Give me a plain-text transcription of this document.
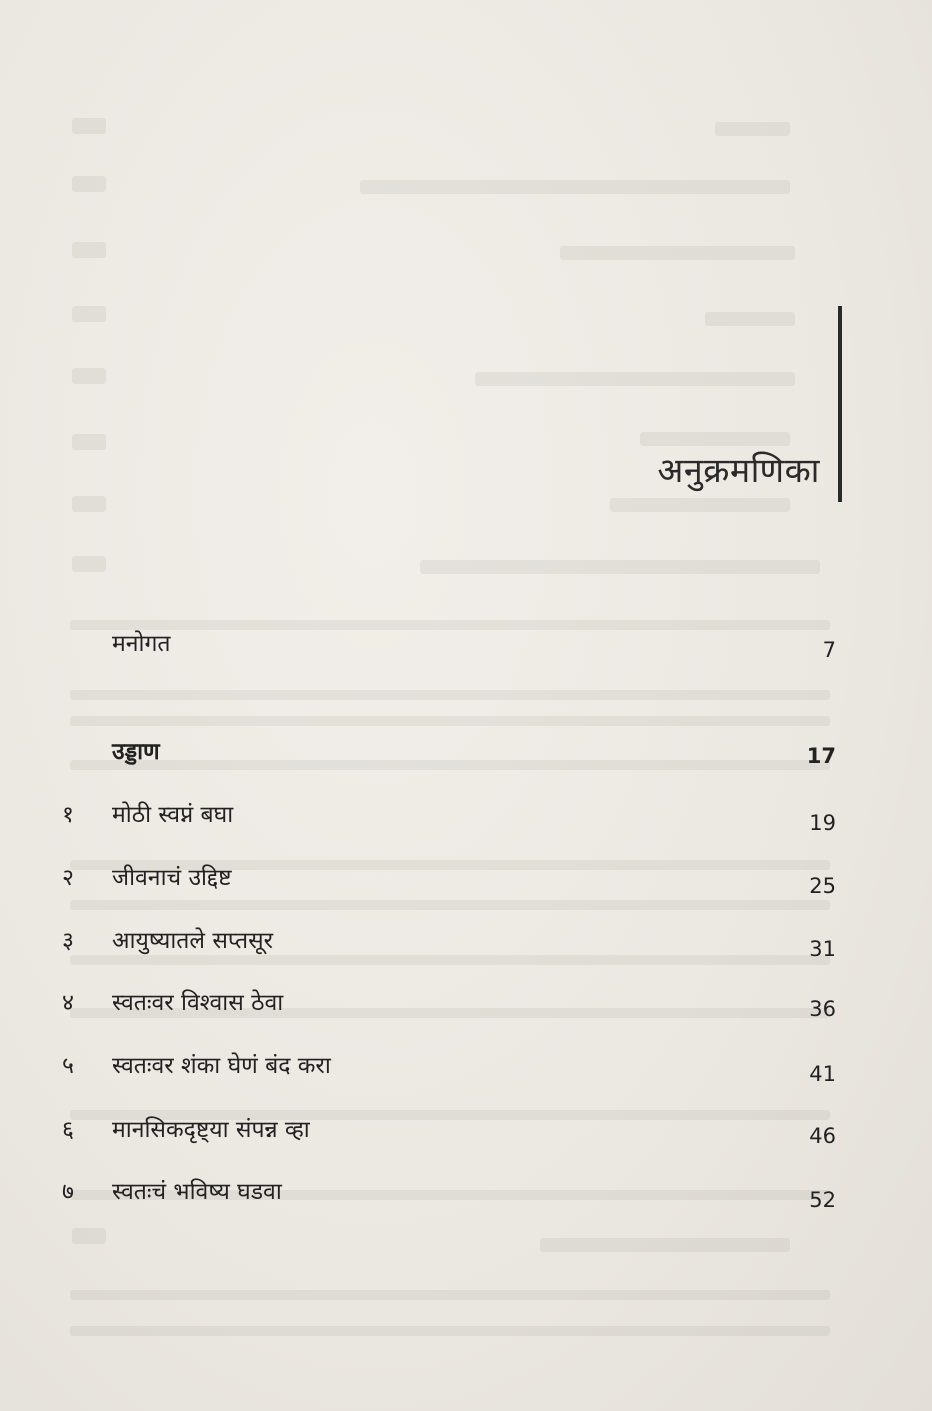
अनुक्रमणिका
मनोगत	7
उड्डाण	17
१ मोठी स्वप्नं बघा	19
२ जीवनाचं उद्दिष्ट	25
३ आयुष्यातले सप्तसूर	31
४ स्वतःवर विश्वास ठेवा	36
५ स्वतःवर शंका घेणं बंद करा	41
६ मानसिकदृष्ट्या संपन्न व्हा	46
७ स्वतःचं भविष्य घडवा	52
